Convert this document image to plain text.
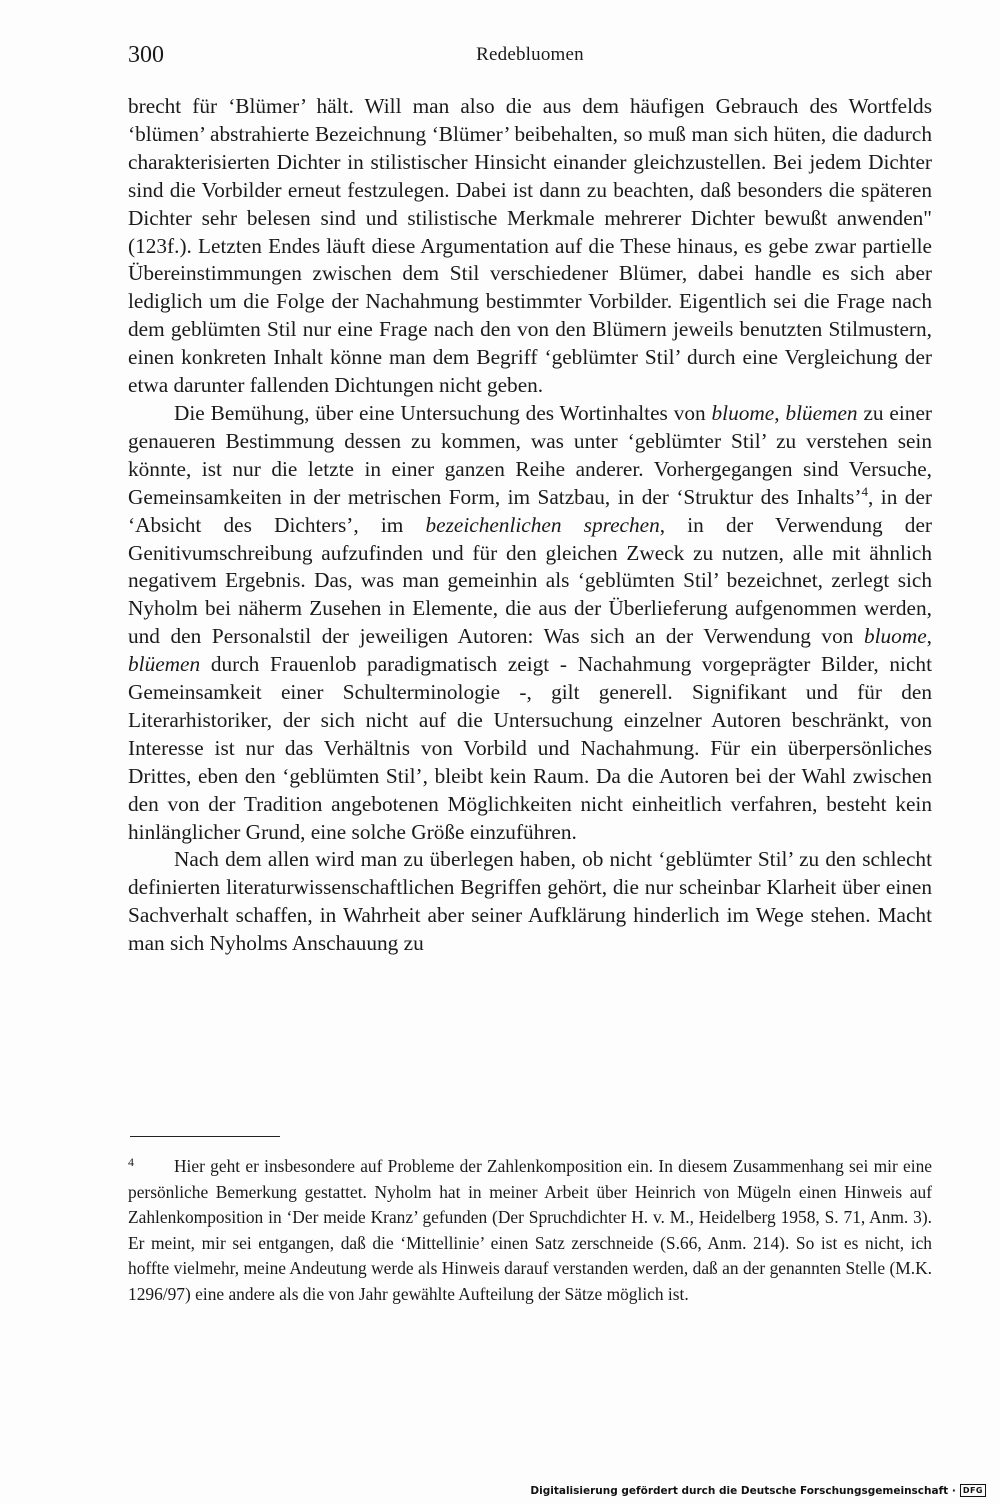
300	Redebluomen

brecht für ‘Blümer’ hält. Will man also die aus dem häufigen Gebrauch des Wortfelds ‘blümen’ abstrahierte Bezeichnung ‘Blümer’ beibehalten, so muß man sich hüten, die dadurch charakterisierten Dichter in stilistischer Hinsicht einander gleichzustellen. Bei jedem Dichter sind die Vorbilder erneut festzulegen. Dabei ist dann zu beachten, daß besonders die späteren Dichter sehr belesen sind und stilistische Merkmale mehrerer Dichter bewußt anwenden" (123f.). Letzten Endes läuft diese Argumentation auf die These hinaus, es gebe zwar partielle Übereinstimmungen zwischen dem Stil verschiedener Blümer, dabei handle es sich aber lediglich um die Folge der Nachahmung bestimmter Vorbilder. Eigentlich sei die Frage nach dem geblümten Stil nur eine Frage nach den von den Blümern jeweils benutzten Stilmustern, einen konkreten Inhalt könne man dem Begriff ‘geblümter Stil’ durch eine Vergleichung der etwa darunter fallenden Dichtungen nicht geben.

Die Bemühung, über eine Untersuchung des Wortinhaltes von bluome, blüemen zu einer genaueren Bestimmung dessen zu kommen, was unter ‘geblümter Stil’ zu verstehen sein könnte, ist nur die letzte in einer ganzen Reihe anderer. Vorhergegangen sind Versuche, Gemeinsamkeiten in der metrischen Form, im Satzbau, in der ‘Struktur des Inhalts’$^4$, in der ‘Absicht des Dichters’, im bezeichenlichen sprechen, in der Verwendung der Genitivumschreibung aufzufinden und für den gleichen Zweck zu nutzen, alle mit ähnlich negativem Ergebnis. Das, was man gemeinhin als ‘geblümten Stil’ bezeichnet, zerlegt sich Nyholm bei näherm Zusehen in Elemente, die aus der Überlieferung aufgenommen werden, und den Personalstil der jeweiligen Autoren: Was sich an der Verwendung von bluome, blüemen durch Frauenlob paradigmatisch zeigt - Nachahmung vorgeprägter Bilder, nicht Gemeinsamkeit einer Schulterminologie -, gilt generell. Signifikant und für den Literarhistoriker, der sich nicht auf die Untersuchung einzelner Autoren beschränkt, von Interesse ist nur das Verhältnis von Vorbild und Nachahmung. Für ein überpersönliches Drittes, eben den ‘geblümten Stil’, bleibt kein Raum. Da die Autoren bei der Wahl zwischen den von der Tradition angebotenen Möglichkeiten nicht einheitlich verfahren, besteht kein hinlänglicher Grund, eine solche Größe einzuführen.

Nach dem allen wird man zu überlegen haben, ob nicht ‘geblümter Stil’ zu den schlecht definierten literaturwissenschaftlichen Begriffen gehört, die nur scheinbar Klarheit über einen Sachverhalt schaffen, in Wahrheit aber seiner Aufklärung hinderlich im Wege stehen. Macht man sich Nyholms Anschauung zu

4 Hier geht er insbesondere auf Probleme der Zahlenkomposition ein. In diesem Zusammenhang sei mir eine persönliche Bemerkung gestattet. Nyholm hat in meiner Arbeit über Heinrich von Mügeln einen Hinweis auf Zahlenkomposition in ‘Der meide Kranz’ gefunden (Der Spruchdichter H. v. M., Heidelberg 1958, S. 71, Anm. 3). Er meint, mir sei entgangen, daß die ‘Mittellinie’ einen Satz zerschneide (S.66, Anm. 214). So ist es nicht, ich hoffte vielmehr, meine Andeutung werde als Hinweis darauf verstanden werden, daß an der genannten Stelle (M.K. 1296/97) eine andere als die von Jahr gewählte Aufteilung der Sätze möglich ist.

Digitalisierung gefördert durch die Deutsche Forschungsgemeinschaft · DFG
